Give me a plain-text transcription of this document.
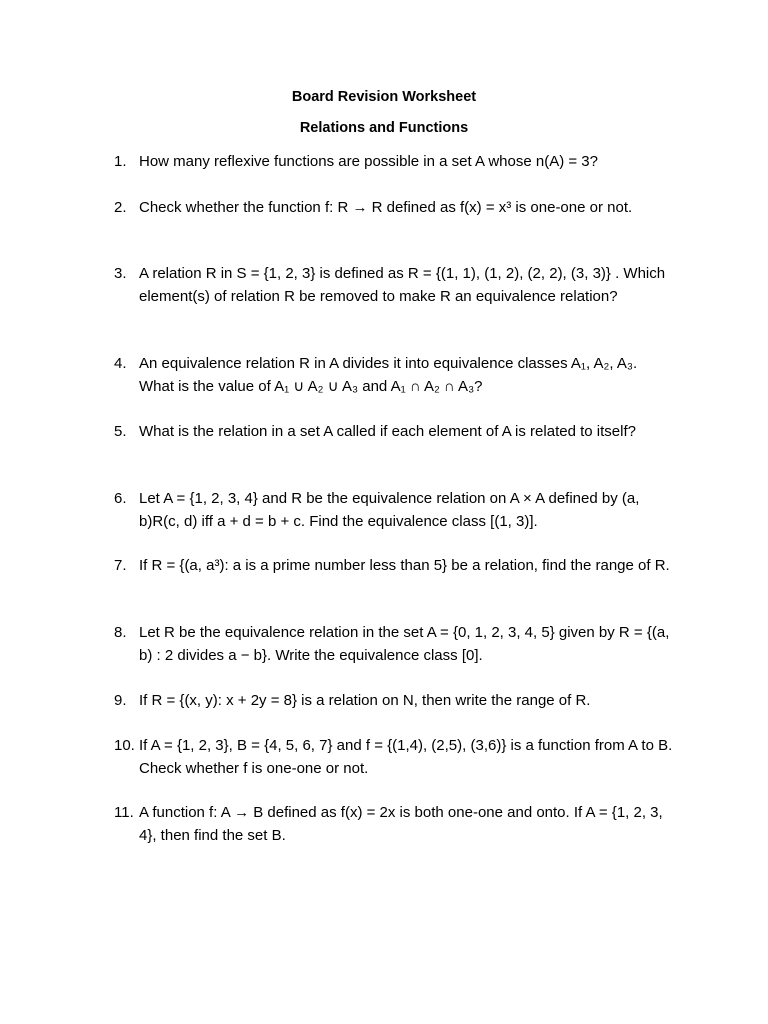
Board Revision Worksheet
Relations and Functions
1. How many reflexive functions are possible in a set A whose n(A) = 3?
2. Check whether the function f: R → R defined as f(x) = x³ is one-one or not.
3. A relation R in S = {1, 2, 3} is defined as R = {(1, 1), (1, 2), (2, 2), (3, 3)} . Which element(s) of relation R be removed to make R an equivalence relation?
4. An equivalence relation R in A divides it into equivalence classes A₁, A₂, A₃. What is the value of A₁ ∪ A₂ ∪ A₃ and A₁ ∩ A₂ ∩ A₃?
5. What is the relation in a set A called if each element of A is related to itself?
6. Let A = {1, 2, 3, 4} and R be the equivalence relation on A × A defined by (a, b)R(c, d) iff a + d = b + c. Find the equivalence class [(1, 3)].
7. If R = {(a, a³): a is a prime number less than 5} be a relation, find the range of R.
8. Let R be the equivalence relation in the set A = {0, 1, 2, 3, 4, 5} given by R = {(a, b) : 2 divides a − b}. Write the equivalence class [0].
9. If R = {(x, y): x + 2y = 8} is a relation on N, then write the range of R.
10. If A = {1, 2, 3}, B = {4, 5, 6, 7} and f = {(1,4), (2,5), (3,6)} is a function from A to B. Check whether f is one-one or not.
11. A function f: A → B defined as f(x) = 2x is both one-one and onto. If A = {1, 2, 3, 4}, then find the set B.
